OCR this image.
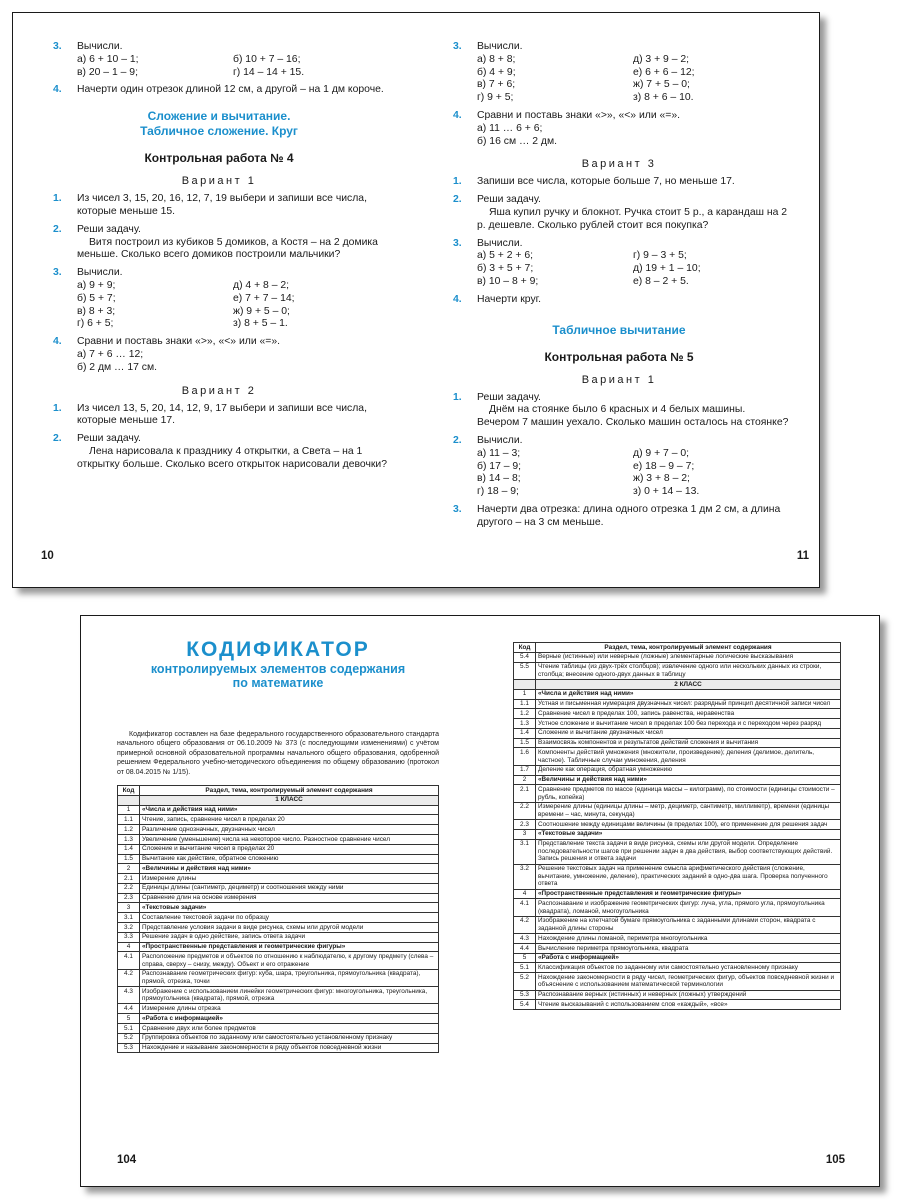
3. Вычисли.
а) 6 + 10 – 1;	б) 10 + 7 – 16;
в) 20 – 1 – 9;	г) 14 – 14 + 15.
4. Начерти один отрезок длиной 12 см, а другой – на 1 дм короче.
Сложение и вычитание.
Табличное сложение. Круг
Контрольная работа № 4
Вариант 1
1. Из чисел 3, 15, 20, 16, 12, 7, 19 выбери и запиши все числа, которые меньше 15.
2. Реши задачу.
Витя построил из кубиков 5 домиков, а Костя – на 2 домика меньше. Сколько всего домиков построили мальчики?
3. Вычисли.
а) 9 + 9;	д) 4 + 8 – 2;
б) 5 + 7;	е) 7 + 7 – 14;
в) 8 + 3;	ж) 9 + 5 – 0;
г) 6 + 5;	з) 8 + 5 – 1.
4. Сравни и поставь знаки «>», «<» или «=».
а) 7 + 6 … 12;
б) 2 дм … 17 см.
Вариант 2
1. Из чисел 13, 5, 20, 14, 12, 9, 17 выбери и запиши все числа, которые меньше 17.
2. Реши задачу.
Лена нарисовала к празднику 4 открытки, а Света – на 1 открытку больше. Сколько всего открыток нарисовали девочки?
10
3. Вычисли.
а) 8 + 8;	д) 3 + 9 – 2;
б) 4 + 9;	е) 6 + 6 – 12;
в) 7 + 6;	ж) 7 + 5 – 0;
г) 9 + 5;	з) 8 + 6 – 10.
4. Сравни и поставь знаки «>», «<» или «=».
а) 11 … 6 + 6;
б) 16 см … 2 дм.
Вариант 3
1. Запиши все числа, которые больше 7, но меньше 17.
2. Реши задачу.
Яша купил ручку и блокнот. Ручка стоит 5 р., а карандаш на 2 р. дешевле. Сколько рублей стоит вся покупка?
3. Вычисли.
а) 5 + 2 + 6;	г) 9 – 3 + 5;
б) 3 + 5 + 7;	д) 19 + 1 – 10;
в) 10 – 8 + 9;	е) 8 – 2 + 5.
4. Начерти круг.
Табличное вычитание
Контрольная работа № 5
Вариант 1
1. Реши задачу.
Днём на стоянке было 6 красных и 4 белых машины. Вечером 7 машин уехало. Сколько машин осталось на стоянке?
2. Вычисли.
а) 11 – 3;	д) 9 + 7 – 0;
б) 17 – 9;	е) 18 – 9 – 7;
в) 14 – 8;	ж) 3 + 8 – 2;
г) 18 – 9;	з) 0 + 14 – 13.
3. Начерти два отрезка: длина одного отрезка 1 дм 2 см, а длина другого – на 3 см меньше.
11
КОДИФИКАТОР
контролируемых элементов содержания
по математике
Кодификатор составлен на базе федерального государственного образовательного стандарта начального общего образования от 06.10.2009 № 373 (с последующими изменениями) с учётом примерной основной образовательной программы начального общего образования, одобренной решением Федерального учебно-методического объединения по общему образованию (протокол от 08.04.2015 № 1/15).
Код	Раздел, тема, контролируемый элемент содержания
	1 КЛАСС
1	«Числа и действия над ними»
1.1	Чтение, запись, сравнение чисел в пределах 20
1.2	Различение однозначных, двузначных чисел
1.3	Увеличение (уменьшение) числа на некоторое число. Разностное сравнение чисел
1.4	Сложение и вычитание чисел в пределах 20
1.5	Вычитание как действие, обратное сложению
2	«Величины и действия над ними»
2.1	Измерение длины
2.2	Единицы длины (сантиметр, дециметр) и соотношения между ними
2.3	Сравнение длин на основе измерения
3	«Текстовые задачи»
3.1	Составление текстовой задачи по образцу
3.2	Представление условия задачи в виде рисунка, схемы или другой модели
3.3	Решение задач в одно действие, запись ответа задачи
4	«Пространственные представления и геометрические фигуры»
4.1	Расположение предметов и объектов по отношению к наблюдателю, к другому предмету (слева – справа, сверху – снизу, между). Объект и его отражение
4.2	Распознавание геометрических фигур: куба, шара, треугольника, прямоугольника (квадрата), прямой, отрезка, точки
4.3	Изображение с использованием линейки геометрических фигур: многоугольника, треугольника, прямоугольника (квадрата), прямой, отрезка
4.4	Измерение длины отрезка
5	«Работа с информацией»
5.1	Сравнение двух или более предметов
5.2	Группировка объектов по заданному или самостоятельно установленному признаку
5.3	Нахождение и называние закономерности в ряду объектов повседневной жизни
104
Код	Раздел, тема, контролируемый элемент содержания
5.4	Верные (истинные) или неверные (ложные) элементарные логические высказывания
5.5	Чтение таблицы (из двух-трёх столбцов); извлечение одного или нескольких данных из строки, столбца; внесение одного-двух данных в таблицу
	2 КЛАСС
1	«Числа и действия над ними»
1.1	Устная и письменная нумерация двузначных чисел: разрядный принцип десятичной записи чисел
1.2	Сравнение чисел в пределах 100, запись равенства, неравенства
1.3	Устное сложение и вычитание чисел в пределах 100 без перехода и с переходом через разряд
1.4	Сложение и вычитание двузначных чисел
1.5	Взаимосвязь компонентов и результатов действий сложения и вычитания
1.6	Компоненты действий умножения (множители, произведение); деления (делимое, делитель, частное). Табличные случаи умножения, деления
1.7	Деление как операция, обратная умножению
2	«Величины и действия над ними»
2.1	Сравнение предметов по массе (единица массы – килограмм), по стоимости (единицы стоимости – рубль, копейка)
2.2	Измерение длины (единицы длины – метр, дециметр, сантиметр, миллиметр), времени (единицы времени – час, минута, секунда)
2.3	Соотношение между единицами величины (в пределах 100), его применение для решения задач
3	«Текстовые задачи»
3.1	Представление текста задачи в виде рисунка, схемы или другой модели. Определение последовательности шагов при решении задач в два действия, выбор соответствующих действий. Запись решения и ответа задачи
3.2	Решение текстовых задач на применение смысла арифметического действия (сложение, вычитание, умножение, деление), практических заданий в одно-два шага. Проверка полученного ответа
4	«Пространственные представления и геометрические фигуры»
4.1	Распознавание и изображение геометрических фигур: луча, угла, прямого угла, прямоугольника (квадрата), ломаной, многоугольника
4.2	Изображение на клетчатой бумаге прямоугольника с заданными длинами сторон, квадрата с заданной длины стороны
4.3	Нахождение длины ломаной, периметра многоугольника
4.4	Вычисление периметра прямоугольника, квадрата
5	«Работа с информацией»
5.1	Классификация объектов по заданному или самостоятельно установленному признаку
5.2	Нахождение закономерности в ряду чисел, геометрических фигур, объектов повседневной жизни и объяснение с использованием математической терминологии
5.3	Распознавание верных (истинных) и неверных (ложных) утверждений
5.4	Чтение высказываний с использованием слов «каждый», «все»
105
